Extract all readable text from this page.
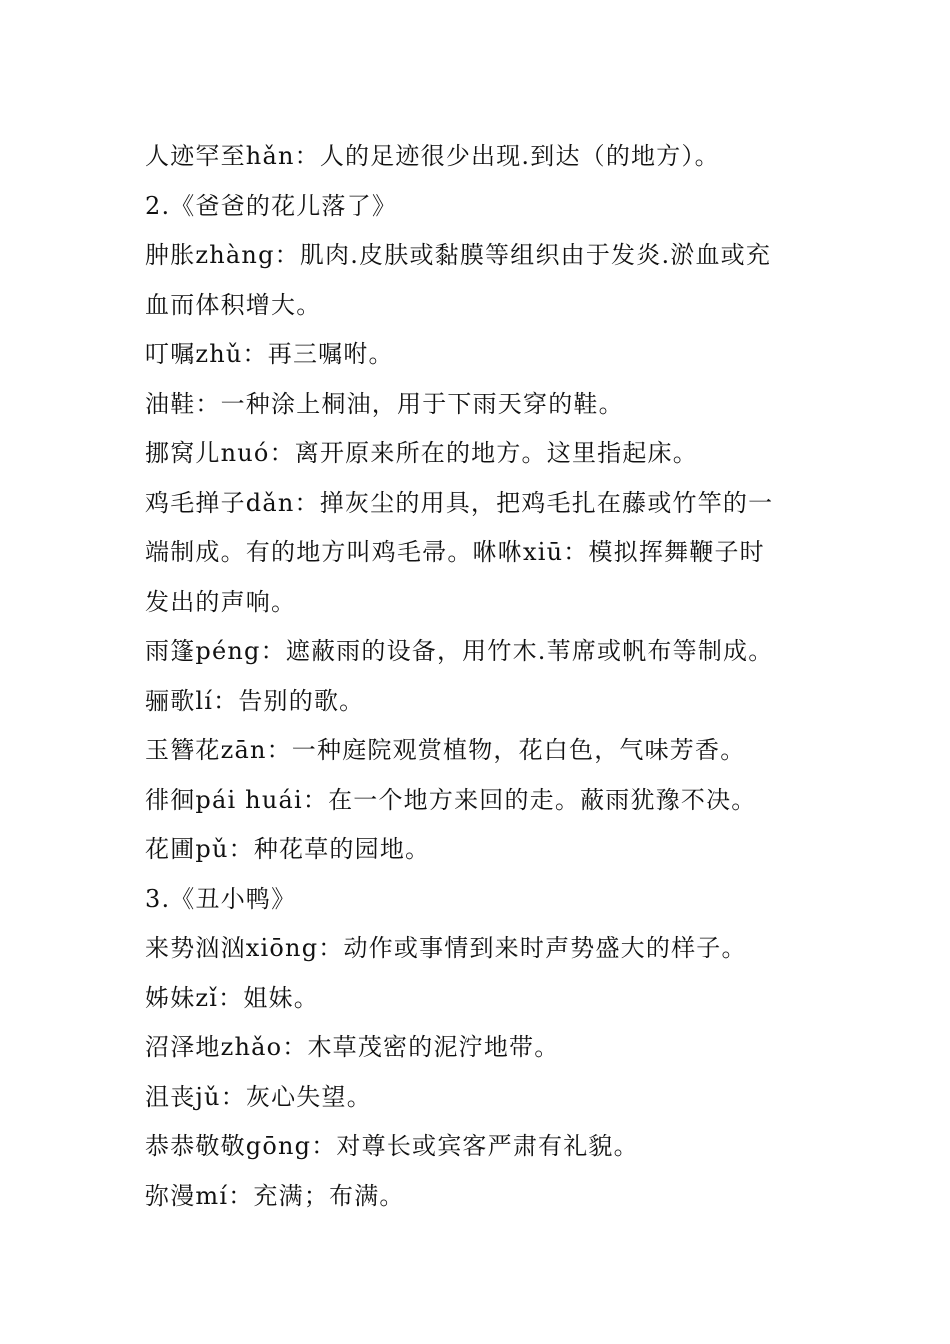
人迹罕至hǎn：人的足迹很少出现.到达（的地方）。
2.《爸爸的花儿落了》
肿胀zhàng：肌肉.皮肤或黏膜等组织由于发炎.淤血或充
血而体积增大。
叮嘱zhǔ：再三嘱咐。
油鞋：一种涂上桐油，用于下雨天穿的鞋。
挪窝儿nuó：离开原来所在的地方。这里指起床。
鸡毛掸子dǎn：掸灰尘的用具，把鸡毛扎在藤或竹竿的一
端制成。有的地方叫鸡毛帚。咻咻xiū：模拟挥舞鞭子时
发出的声响。
雨篷péng：遮蔽雨的设备，用竹木.苇席或帆布等制成。
骊歌lí：告别的歌。
玉簪花zān：一种庭院观赏植物，花白色，气味芳香。
徘徊pái huái：在一个地方来回的走。蔽雨犹豫不决。
花圃pǔ：种花草的园地。
3.《丑小鸭》
来势汹汹xiōng：动作或事情到来时声势盛大的样子。
姊妹zǐ：姐妹。
沼泽地zhǎo：木草茂密的泥泞地带。
沮丧jǔ：灰心失望。
恭恭敬敬gōng：对尊长或宾客严肃有礼貌。
弥漫mí：充满；布满。
